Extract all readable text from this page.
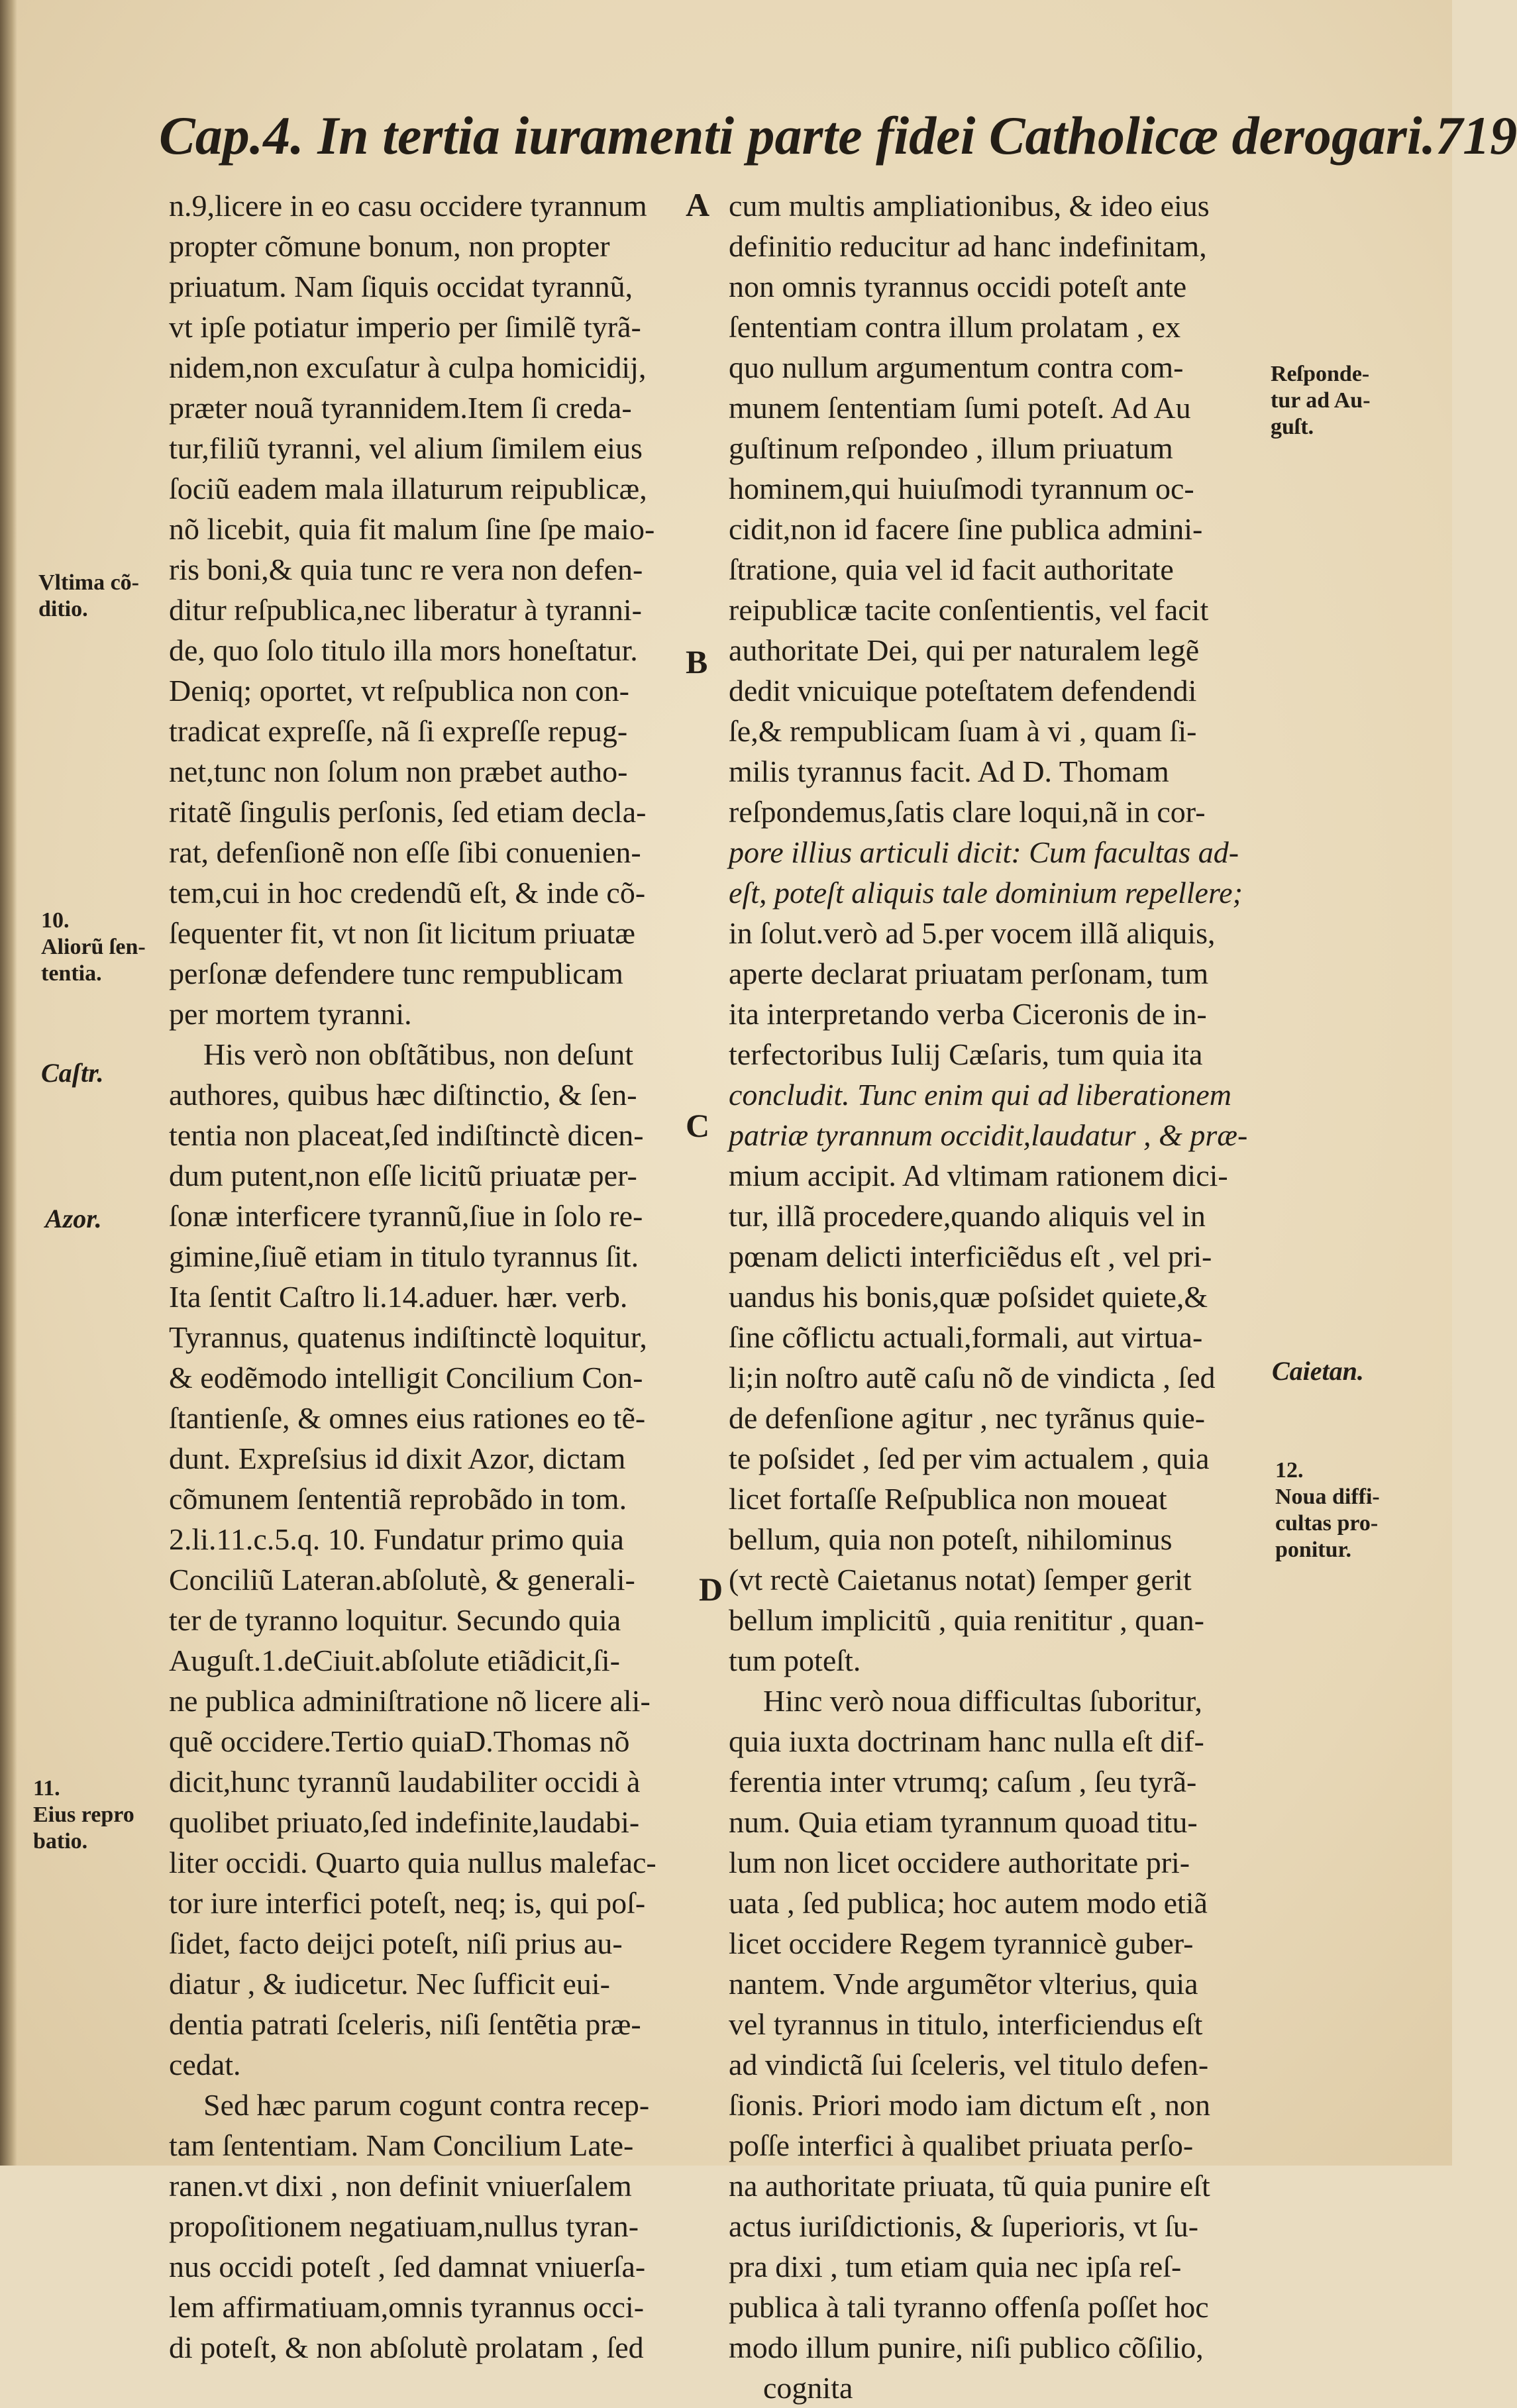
Cap.4. In tertia iuramenti parte fidei Catholicæ derogari.719
n.9,licere in eo casu occidere tyrannum
propter cõmune bonum, non propter
priuatum. Nam ſiquis occidat tyrannũ,
vt ipſe potiatur imperio per ſimilẽ tyrã-
nidem,non excuſatur à culpa homicidij,
præter nouã tyrannidem.Item ſi creda-
tur,filiũ tyranni, vel alium ſimilem eius
ſociũ eadem mala illaturum reipublicæ,
nõ licebit, quia fit malum ſine ſpe maio-
ris boni,& quia tunc re vera non defen-
ditur reſpublica,nec liberatur à tyranni-
de, quo ſolo titulo illa mors honeſtatur.
Deniq; oportet, vt reſpublica non con-
tradicat expreſſe, nã ſi expreſſe repug-
net,tunc non ſolum non præbet autho-
ritatẽ ſingulis perſonis, ſed etiam decla-
rat, defenſionẽ non eſſe ſibi conuenien-
tem,cui in hoc credendũ eſt, & inde cõ-
ſequenter fit, vt non ſit licitum priuatæ
perſonæ defendere tunc rempublicam
per mortem tyranni.
His verò non obſtãtibus, non deſunt
authores, quibus hæc diſtinctio, & ſen-
tentia non placeat,ſed indiſtinctè dicen-
dum putent,non eſſe licitũ priuatæ per-
ſonæ interficere tyrannũ,ſiue in ſolo re-
gimine,ſiuẽ etiam in titulo tyrannus ſit.
Ita ſentit Caſtro li.14.aduer. hær. verb.
Tyrannus, quatenus indiſtinctè loquitur,
& eodẽmodo intelligit Concilium Con-
ſtantienſe, & omnes eius rationes eo tẽ-
dunt. Expreſsius id dixit Azor, dictam
cõmunem ſententiã reprobãdo in tom.
2.li.11.c.5.q. 10. Fundatur primo quia
Conciliũ Lateran.abſolutè, & generali-
ter de tyranno loquitur. Secundo quia
Auguſt.1.deCiuit.abſolute etiãdicit,ſi-
ne publica adminiſtratione nõ licere ali-
quẽ occidere.Tertio quiaD.Thomas nõ
dicit,hunc tyrannũ laudabiliter occidi à
quolibet priuato,ſed indefinite,laudabi-
liter occidi. Quarto quia nullus malefac-
tor iure interfici poteſt, neq; is, qui poſ-
ſidet, facto deijci poteſt, niſi prius au-
diatur , & iudicetur. Nec ſufficit eui-
dentia patrati ſceleris, niſi ſentẽtia præ-
cedat.
Sed hæc parum cogunt contra recep-
tam ſententiam. Nam Concilium Late-
ranen.vt dixi , non definit vniuerſalem
propoſitionem negatiuam,nullus tyran-
nus occidi poteſt , ſed damnat vniuerſa-
lem affirmatiuam,omnis tyrannus occi-
di poteſt, & non abſolutè prolatam , ſed
cum multis ampliationibus, & ideo eius
definitio reducitur ad hanc indefinitam,
non omnis tyrannus occidi poteſt ante
ſententiam contra illum prolatam , ex
quo nullum argumentum contra com-
munem ſententiam ſumi poteſt. Ad Au
guſtinum reſpondeo , illum priuatum
hominem,qui huiuſmodi tyrannum oc-
cidit,non id facere ſine publica admini-
ſtratione, quia vel id facit authoritate
reipublicæ tacite conſentientis, vel facit
authoritate Dei, qui per naturalem legẽ
dedit vnicuique poteſtatem defendendi
ſe,& rempublicam ſuam à vi , quam ſi-
milis tyrannus facit. Ad D. Thomam
reſpondemus,ſatis clare loqui,nã in cor-
pore illius articuli dicit: Cum facultas ad-
eſt, poteſt aliquis tale dominium repellere;
in ſolut.verò ad 5.per vocem illã aliquis,
aperte declarat priuatam perſonam, tum
ita interpretando verba Ciceronis de in-
terfectoribus Iulij Cæſaris, tum quia ita
concludit. Tunc enim qui ad liberationem
patriæ tyrannum occidit,laudatur , & præ-
mium accipit. Ad vltimam rationem dici-
tur, illã procedere,quando aliquis vel in
pœnam delicti interficiẽdus eſt , vel pri-
uandus his bonis,quæ poſsidet quiete,&
ſine cõflictu actuali,formali, aut virtua-
li;in noſtro autẽ caſu nõ de vindicta , ſed
de defenſione agitur , nec tyrãnus quie-
te poſsidet , ſed per vim actualem , quia
licet fortaſſe Reſpublica non moueat
bellum, quia non poteſt, nihilominus
(vt rectè Caietanus notat) ſemper gerit
bellum implicitũ , quia renititur , quan-
tum poteſt.
Hinc verò noua difficultas ſuboritur,
quia iuxta doctrinam hanc nulla eſt dif-
ferentia inter vtrumq; caſum , ſeu tyrã-
num. Quia etiam tyrannum quoad titu-
lum non licet occidere authoritate pri-
uata , ſed publica; hoc autem modo etiã
licet occidere Regem tyrannicè guber-
nantem. Vnde argumẽtor vlterius, quia
vel tyrannus in titulo, interficiendus eſt
ad vindictã ſui ſceleris, vel titulo defen-
ſionis. Priori modo iam dictum eſt , non
poſſe interfici à qualibet priuata perſo-
na authoritate priuata, tũ quia punire eſt
actus iuriſdictionis, & ſuperioris, vt ſu-
pra dixi , tum etiam quia nec ipſa reſ-
publica à tali tyranno offenſa poſſet hoc
modo illum punire, niſi publico cõſilio,
cognita
Vltima cõ-
ditio.
10.
Aliorũ ſen-
tentia.
Caſtr.
Azor.
11.
Eius repro
batio.
Reſponde-
tur ad Au-
guſt.
Caietan.
12.
Noua diffi-
cultas pro-
ponitur.
A
B
C
D
